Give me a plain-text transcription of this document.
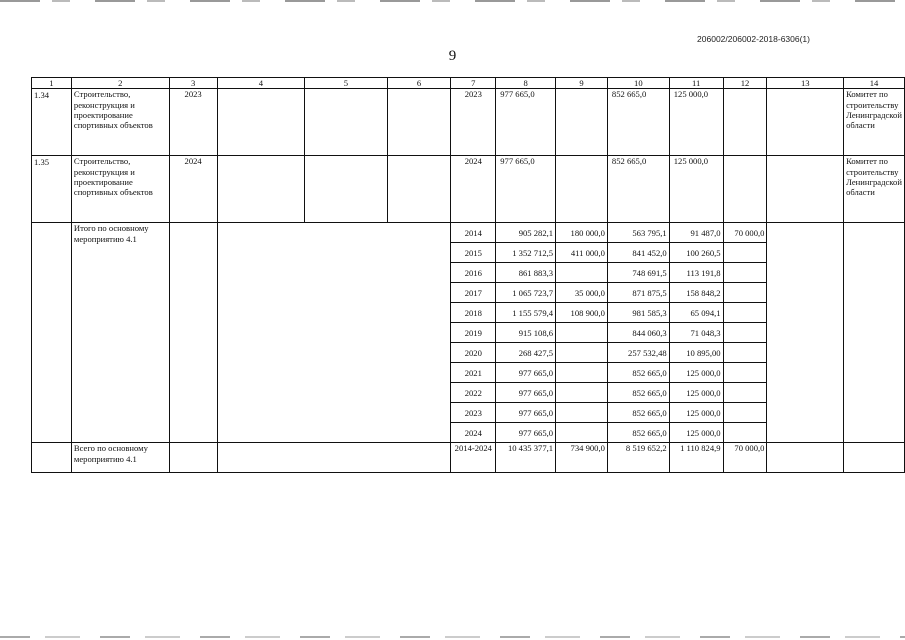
206002/206002-2018-6306(1)
9
1	2	3	4	5	6	7	8	9	10	11	12	13	14
1.34	Строительство, реконструкция и проектирование спортивных объектов	2023				2023	977 665,0		852 665,0	125 000,0			Комитет по строительству Ленинградской области
1.35	Строительство, реконструкция и проектирование спортивных объектов	2024				2024	977 665,0		852 665,0	125 000,0			Комитет по строительству Ленинградской области
	Итого по основному мероприятию 4.1					2014	905 282,1	180 000,0	563 795,1	91 487,0	70 000,0		
						2015	1 352 712,5	411 000,0	841 452,0	100 260,5			
						2016	861 883,3		748 691,5	113 191,8			
						2017	1 065 723,7	35 000,0	871 875,5	158 848,2			
						2018	1 155 579,4	108 900,0	981 585,3	65 094,1			
						2019	915 108,6		844 060,3	71 048,3			
						2020	268 427,5		257 532,48	10 895,00			
						2021	977 665,0		852 665,0	125 000,0			
						2022	977 665,0		852 665,0	125 000,0			
						2023	977 665,0		852 665,0	125 000,0			
						2024	977 665,0		852 665,0	125 000,0			
	Всего по основному мероприятию 4.1					2014-2024	10 435 377,1	734 900,0	8 519 652,2	1 110 824,9	70 000,0		
